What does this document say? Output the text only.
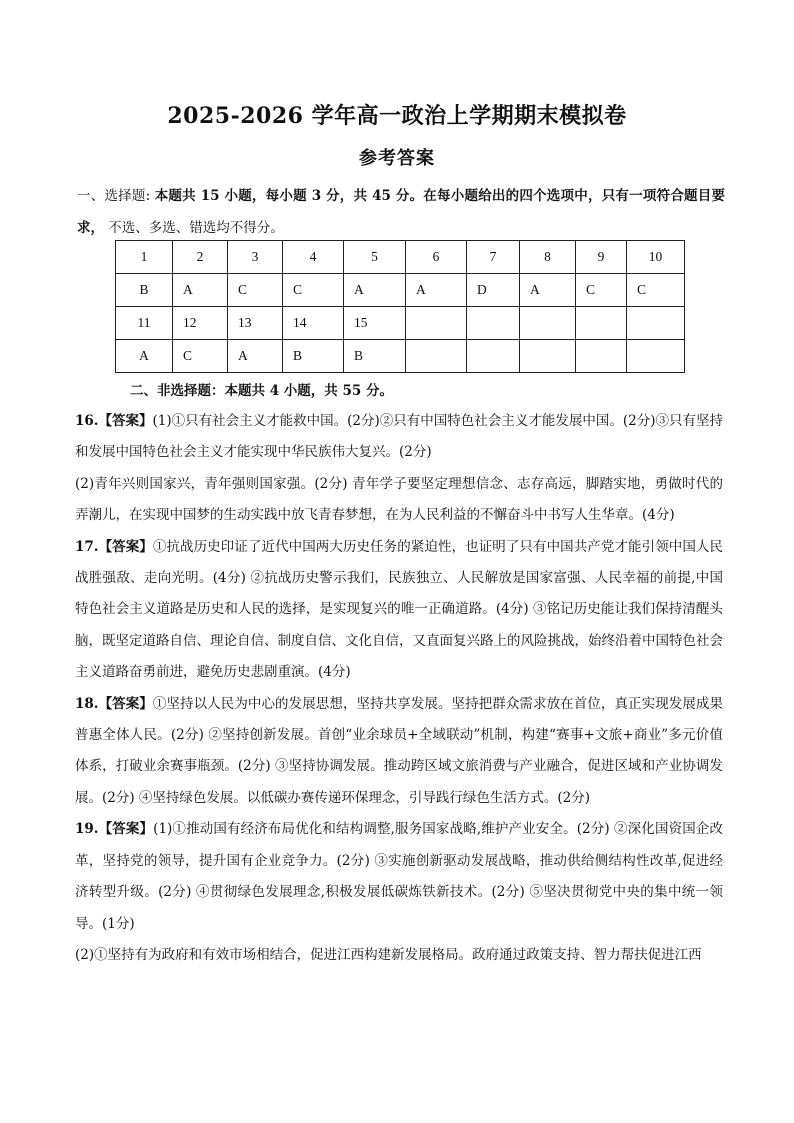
2025-2026 学年高一政治上学期期末模拟卷
参考答案
一、选择题: 本题共 15 小题，每小题 3 分，共 45 分。在每小题给出的四个选项中，只有一项符合题目要求， 不选、多选、错选均不得分。
1	2	3	4	5	6	7	8	9	10
B	A	C	C	A	A	D	A	C	C
11	12	13	14	15					
A	C	A	B	B					
二、非选择题：本题共 4 小题，共 55 分。

16.【答案】(1)①只有社会主义才能救中国。(2分)②只有中国特色社会主义才能发展中国。(2分)③只有坚持和发展中国特色社会主义才能实现中华民族伟大复兴。(2分)

(2)青年兴则国家兴，青年强则国家强。(2分) 青年学子要坚定理想信念、志存高远，脚踏实地，勇做时代的弄潮儿，在实现中国梦的生动实践中放飞青春梦想，在为人民利益的不懈奋斗中书写人生华章。(4分)

17.【答案】①抗战历史印证了近代中国两大历史任务的紧迫性，也证明了只有中国共产党才能引领中国人民战胜强敌、走向光明。(4分) ②抗战历史警示我们，民族独立、人民解放是国家富强、人民幸福的前提,中国特色社会主义道路是历史和人民的选择，是实现复兴的唯一正确道路。(4分) ③铭记历史能让我们保持清醒头脑，既坚定道路自信、理论自信、制度自信、文化自信，又直面复兴路上的风险挑战，始终沿着中国特色社会主义道路奋勇前进，避免历史悲剧重演。(4分)

18.【答案】①坚持以人民为中心的发展思想，坚持共享发展。坚持把群众需求放在首位，真正实现发展成果普惠全体人民。(2分) ②坚持创新发展。首创“业余球员+全域联动”机制，构建“赛事+文旅+商业”多元价值体系，打破业余赛事瓶颈。(2分) ③坚持协调发展。推动跨区域文旅消费与产业融合，促进区域和产业协调发展。(2分) ④坚持绿色发展。以低碳办赛传递环保理念，引导践行绿色生活方式。(2分)

19.【答案】(1)①推动国有经济布局优化和结构调整,服务国家战略,维护产业安全。(2分) ②深化国资国企改革，坚持党的领导，提升国有企业竞争力。(2分) ③实施创新驱动发展战略，推动供给侧结构性改革,促进经济转型升级。(2分) ④贯彻绿色发展理念,积极发展低碳炼铁新技术。(2分) ⑤坚决贯彻党中央的集中统一领导。(1分)

(2)①坚持有为政府和有效市场相结合，促进江西构建新发展格局。政府通过政策支持、智力帮扶促进江西
